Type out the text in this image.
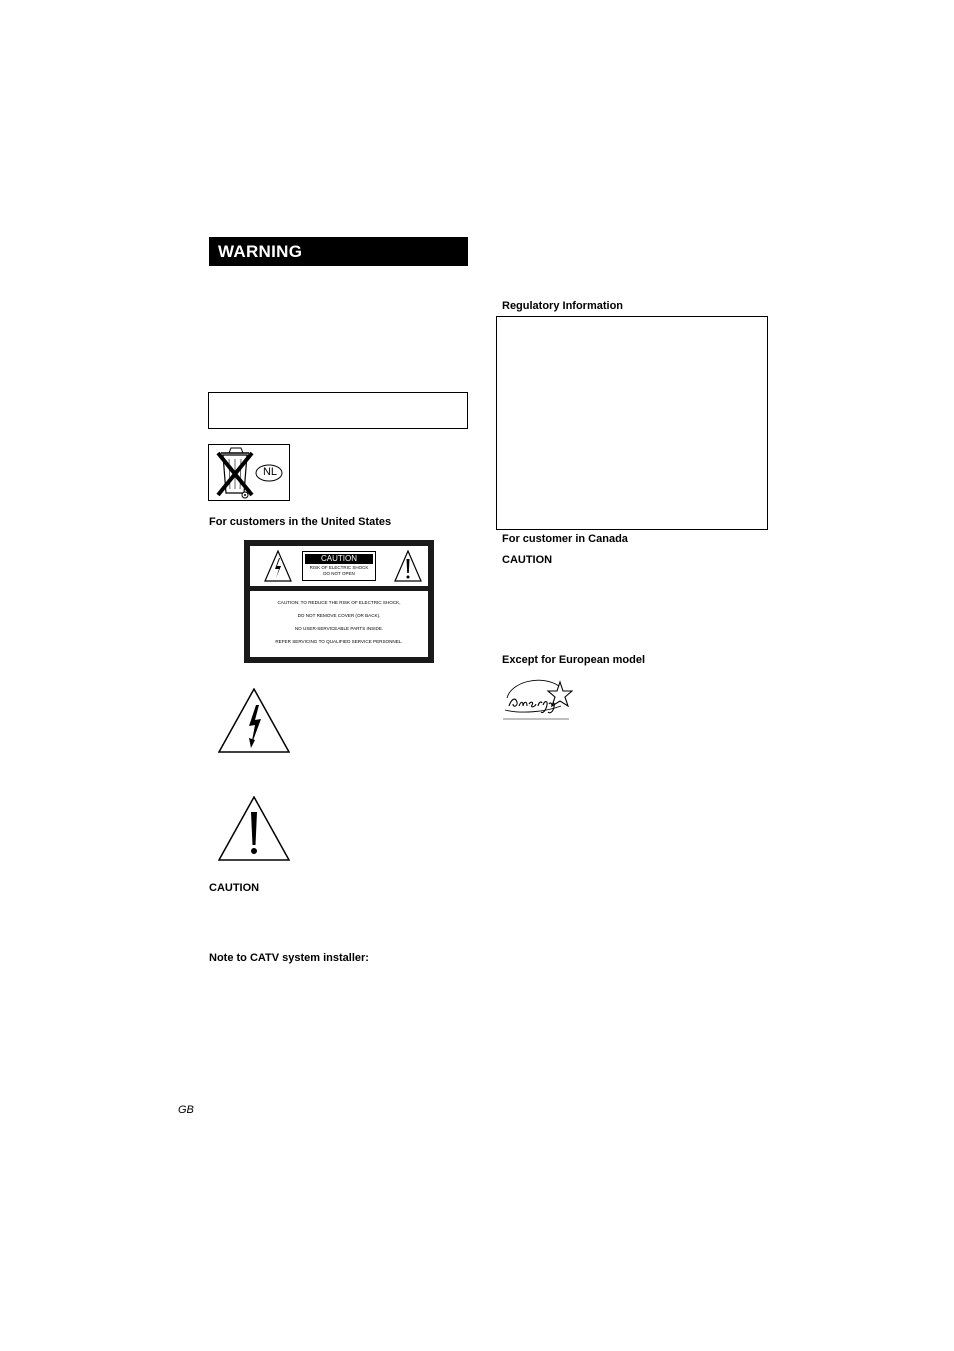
WARNING
NL
For customers in the United States
CAUTION
RISK OF ELECTRIC SHOCK
DO NOT OPEN
CAUTION: TO REDUCE THE RISK OF ELECTRIC SHOCK,
DO NOT REMOVE COVER (OR BACK).
NO USER-SERVICEABLE PARTS INSIDE.
REFER SERVICING TO QUALIFIED SERVICE PERSONNEL.
CAUTION
Note to CATV system installer:
Regulatory Information
For customer in Canada
CAUTION
Except for European model
GB
